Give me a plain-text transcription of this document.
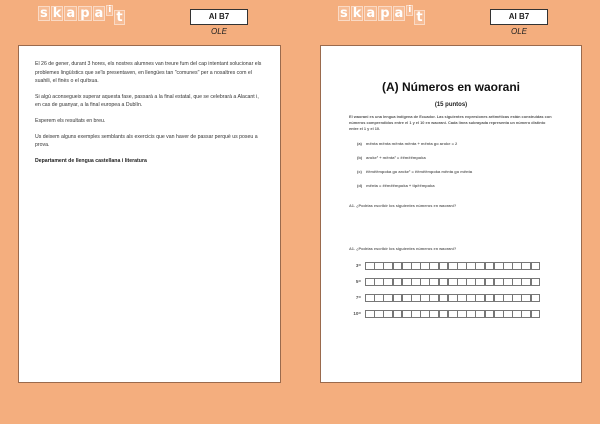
s k a p a i t	AI B7
OLE
s k a p a i t	AI B7
OLE

El 26 de gener, durant 3 hores, els nostres alumnes van treure fum del cap intentant solucionar els problemes lingüístics que se'ls presentaven, en llengües tan "comunes" per a nosaltres com el suahili, el finès o el quítxua.

Si algú aconsegueix superar aquesta fase, passarà a la final estatal, que se celebrarà a Alacant i, en cas de guanyar, a la final europea a Dublín.

Esperem els resultats en breu.

Us deixem alguns exemples semblants als exercicis que van haver de passar perquè us poseu a prova.

Departament de llengua castellana i literatura

(A) Números en waorani
(15 puntos)
El waorani es una lengua indígena de Ecuador. Las siguientes expresiones aritméticas están construidas con números comprendidos entre el 1 y el 10 en waorani. Cada línea subrayada representa un número distinto entre el 1 y el 10.
(a) mënta mënta mënta mënta + mënta go aroke = 2
(b) aroke² + mënta² = ëëmëëmpoka
(c) ëëmëëmpoka go aroke² = ëëmëëmpoka mënta go mënta
(d) mënta = ëëmëëmpoka + tipëëmpoka
A1. ¿Podrías escribir los siguientes números en waorani?
A1. ¿Podrías escribir los siguientes números en waorani?
3=
5=
7=
10=
